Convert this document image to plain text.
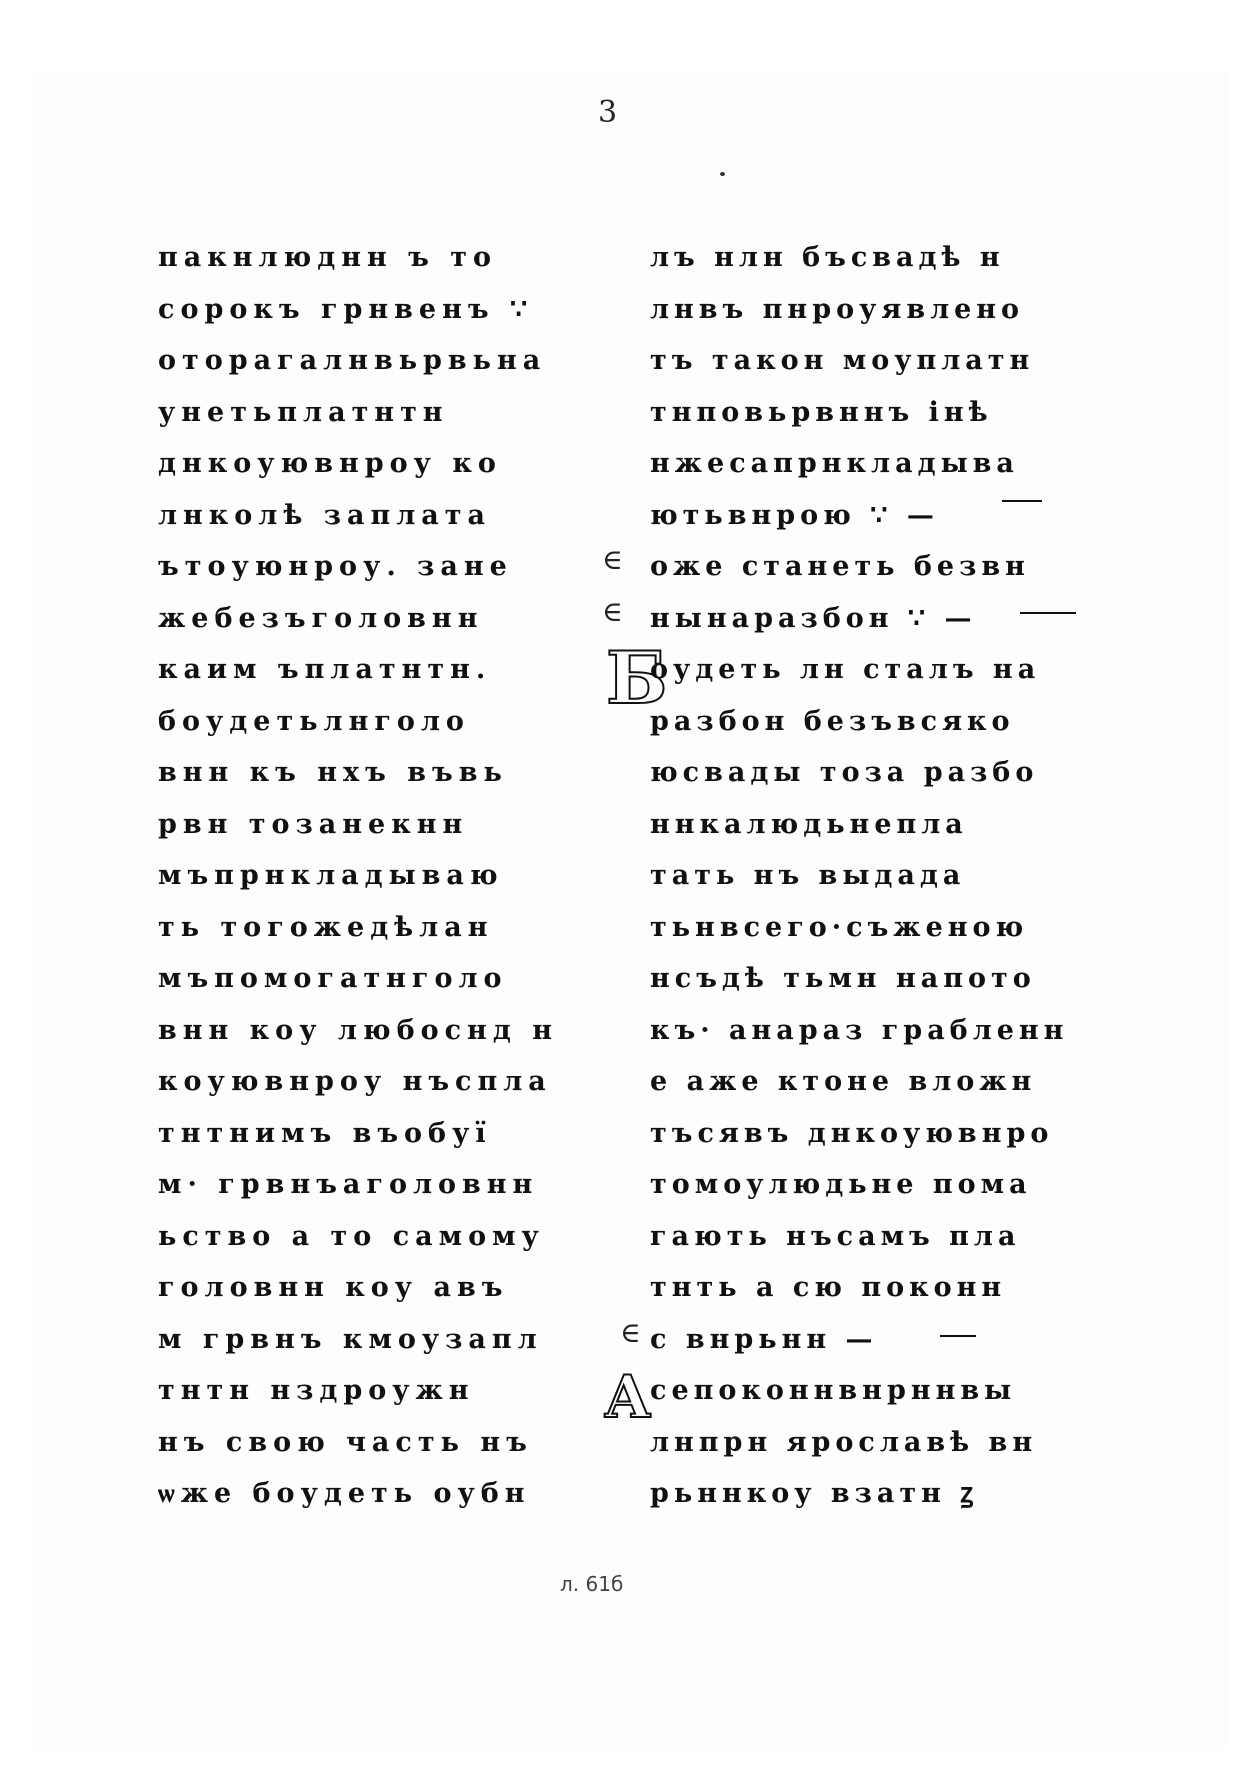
3
пакнлюднн ъ то
сорокъ грнвенъ ∵
оторагалнвьрвьна
унетьплатнтн
днкоуювнроу ко
лнколѣ заплата
ътоуюнроу. зане
жебезъголовнн
каим ъплатнтн.
боудетьлнголо
внн къ нхъ въвь
рвн тозанекнн
мъпрнкладываю
ть тогожедѣлан
мъпомогатнголо
внн коу любоснд н
коуювнроу нъспла
тнтнимъ въобуї
м· грвнъаголовнн
ьство а то самому
головнн коу авъ
м грвнъ кмоузапл
тнтн нздроужн
нъ свою часть нъ
ѡже боудеть оубн
лъ нлн бъсвадѣ н
лнвъ пнроуявлено
тъ такон моуплатн
тнповьрвннъ інѣ
нжесапрнкладыва
ютьвнрою ∵ —
оже станеть безвн
нынаразбон ∵ —
оудеть лн сталъ на
разбон безъвсяко
юсвады тоза разбо
ннкалюдьнепла
тать нъ выдада
тьнвсего·съженою
нсъдѣ тьмн напото
къ· анараз грабленн
е аже ктоне вложн
тъсявъ днкоуювнро
томоулюдьне пома
гають нъсамъ пла
тнть а сю поконн
с внрьнн —
сепоконнвнрннвы
лнпрн ярославѣ вн
рьннкоу взатн ꙁ
∈
∈
∈
Б
А
л. 61б
